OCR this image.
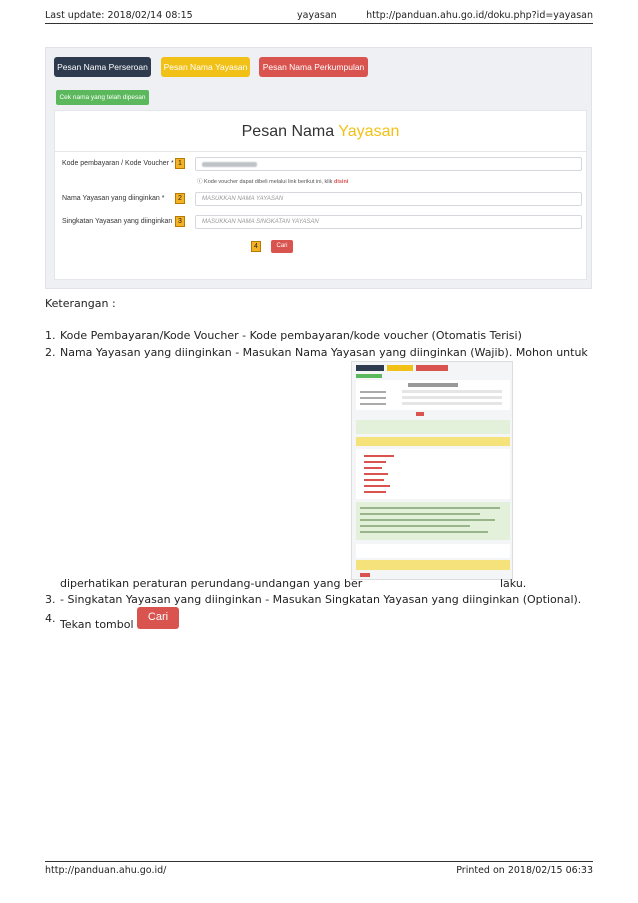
Last update: 2018/02/14 08:15	yayasan	http://panduan.ahu.go.id/doku.php?id=yayasan
Pesan Nama Perseroan	Pesan Nama Yayasan	Pesan Nama Perkumpulan
Cek nama yang telah dipesan
Pesan Nama Yayasan
Kode pembayaran / Kode Voucher * 1
ⓘ Kode voucher dapat dibeli melalui link berikut ini, klik disini
Nama Yayasan yang diinginkan *	2	MASUKKAN NAMA YAYASAN
Singkatan Yayasan yang diinginkan 3	MASUKKAN NAMA SINGKATAN YAYASAN
4	Cari
Keterangan :
1. Kode Pembayaran/Kode Voucher - Kode pembayaran/kode voucher (Otomatis Terisi)
2. Nama Yayasan yang diinginkan - Masukan Nama Yayasan yang diinginkan (Wajib). Mohon untuk
diperhatikan peraturan perundang-undangan yang ber	laku.
3. - Singkatan Yayasan yang diinginkan - Masukan Singkatan Yayasan yang diinginkan (Optional).
4. Tekan tombol
Cari
http://panduan.ahu.go.id/	Printed on 2018/02/15 06:33
